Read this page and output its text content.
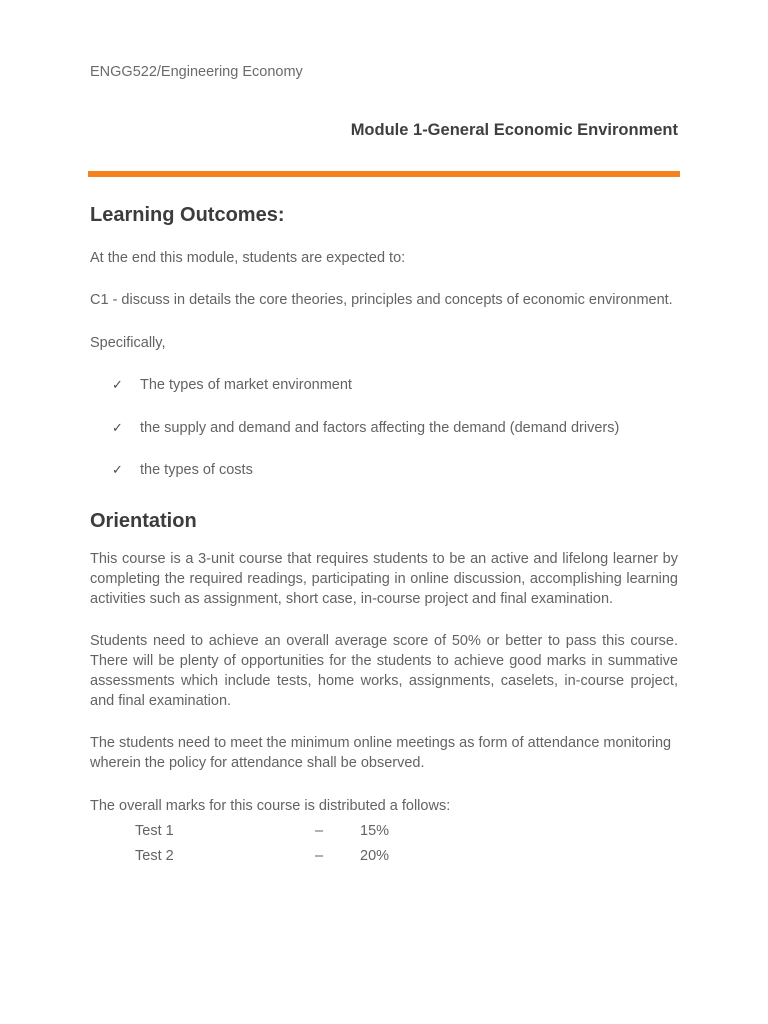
ENGG522/Engineering Economy
Module 1-General Economic Environment
Learning Outcomes:

At the end this module, students are expected to:

C1 - discuss in details the core theories, principles and concepts of economic environment.

Specifically,

✓ The types of market environment
✓ the supply and demand and factors affecting the demand (demand drivers)
✓ the types of costs
Orientation

This course is a 3-unit course that requires students to be an active and lifelong learner by completing the required readings, participating in online discussion, accomplishing learning activities such as assignment, short case, in-course project and final examination.

Students need to achieve an overall average score of 50% or better to pass this course. There will be plenty of opportunities for the students to achieve good marks in summative assessments which include tests, home works, assignments, caselets, in-course project, and final examination.

The students need to meet the minimum online meetings as form of attendance monitoring wherein the policy for attendance shall be observed.

The overall marks for this course is distributed a follows:

Test 1	–	15%
Test 2	–	20%
